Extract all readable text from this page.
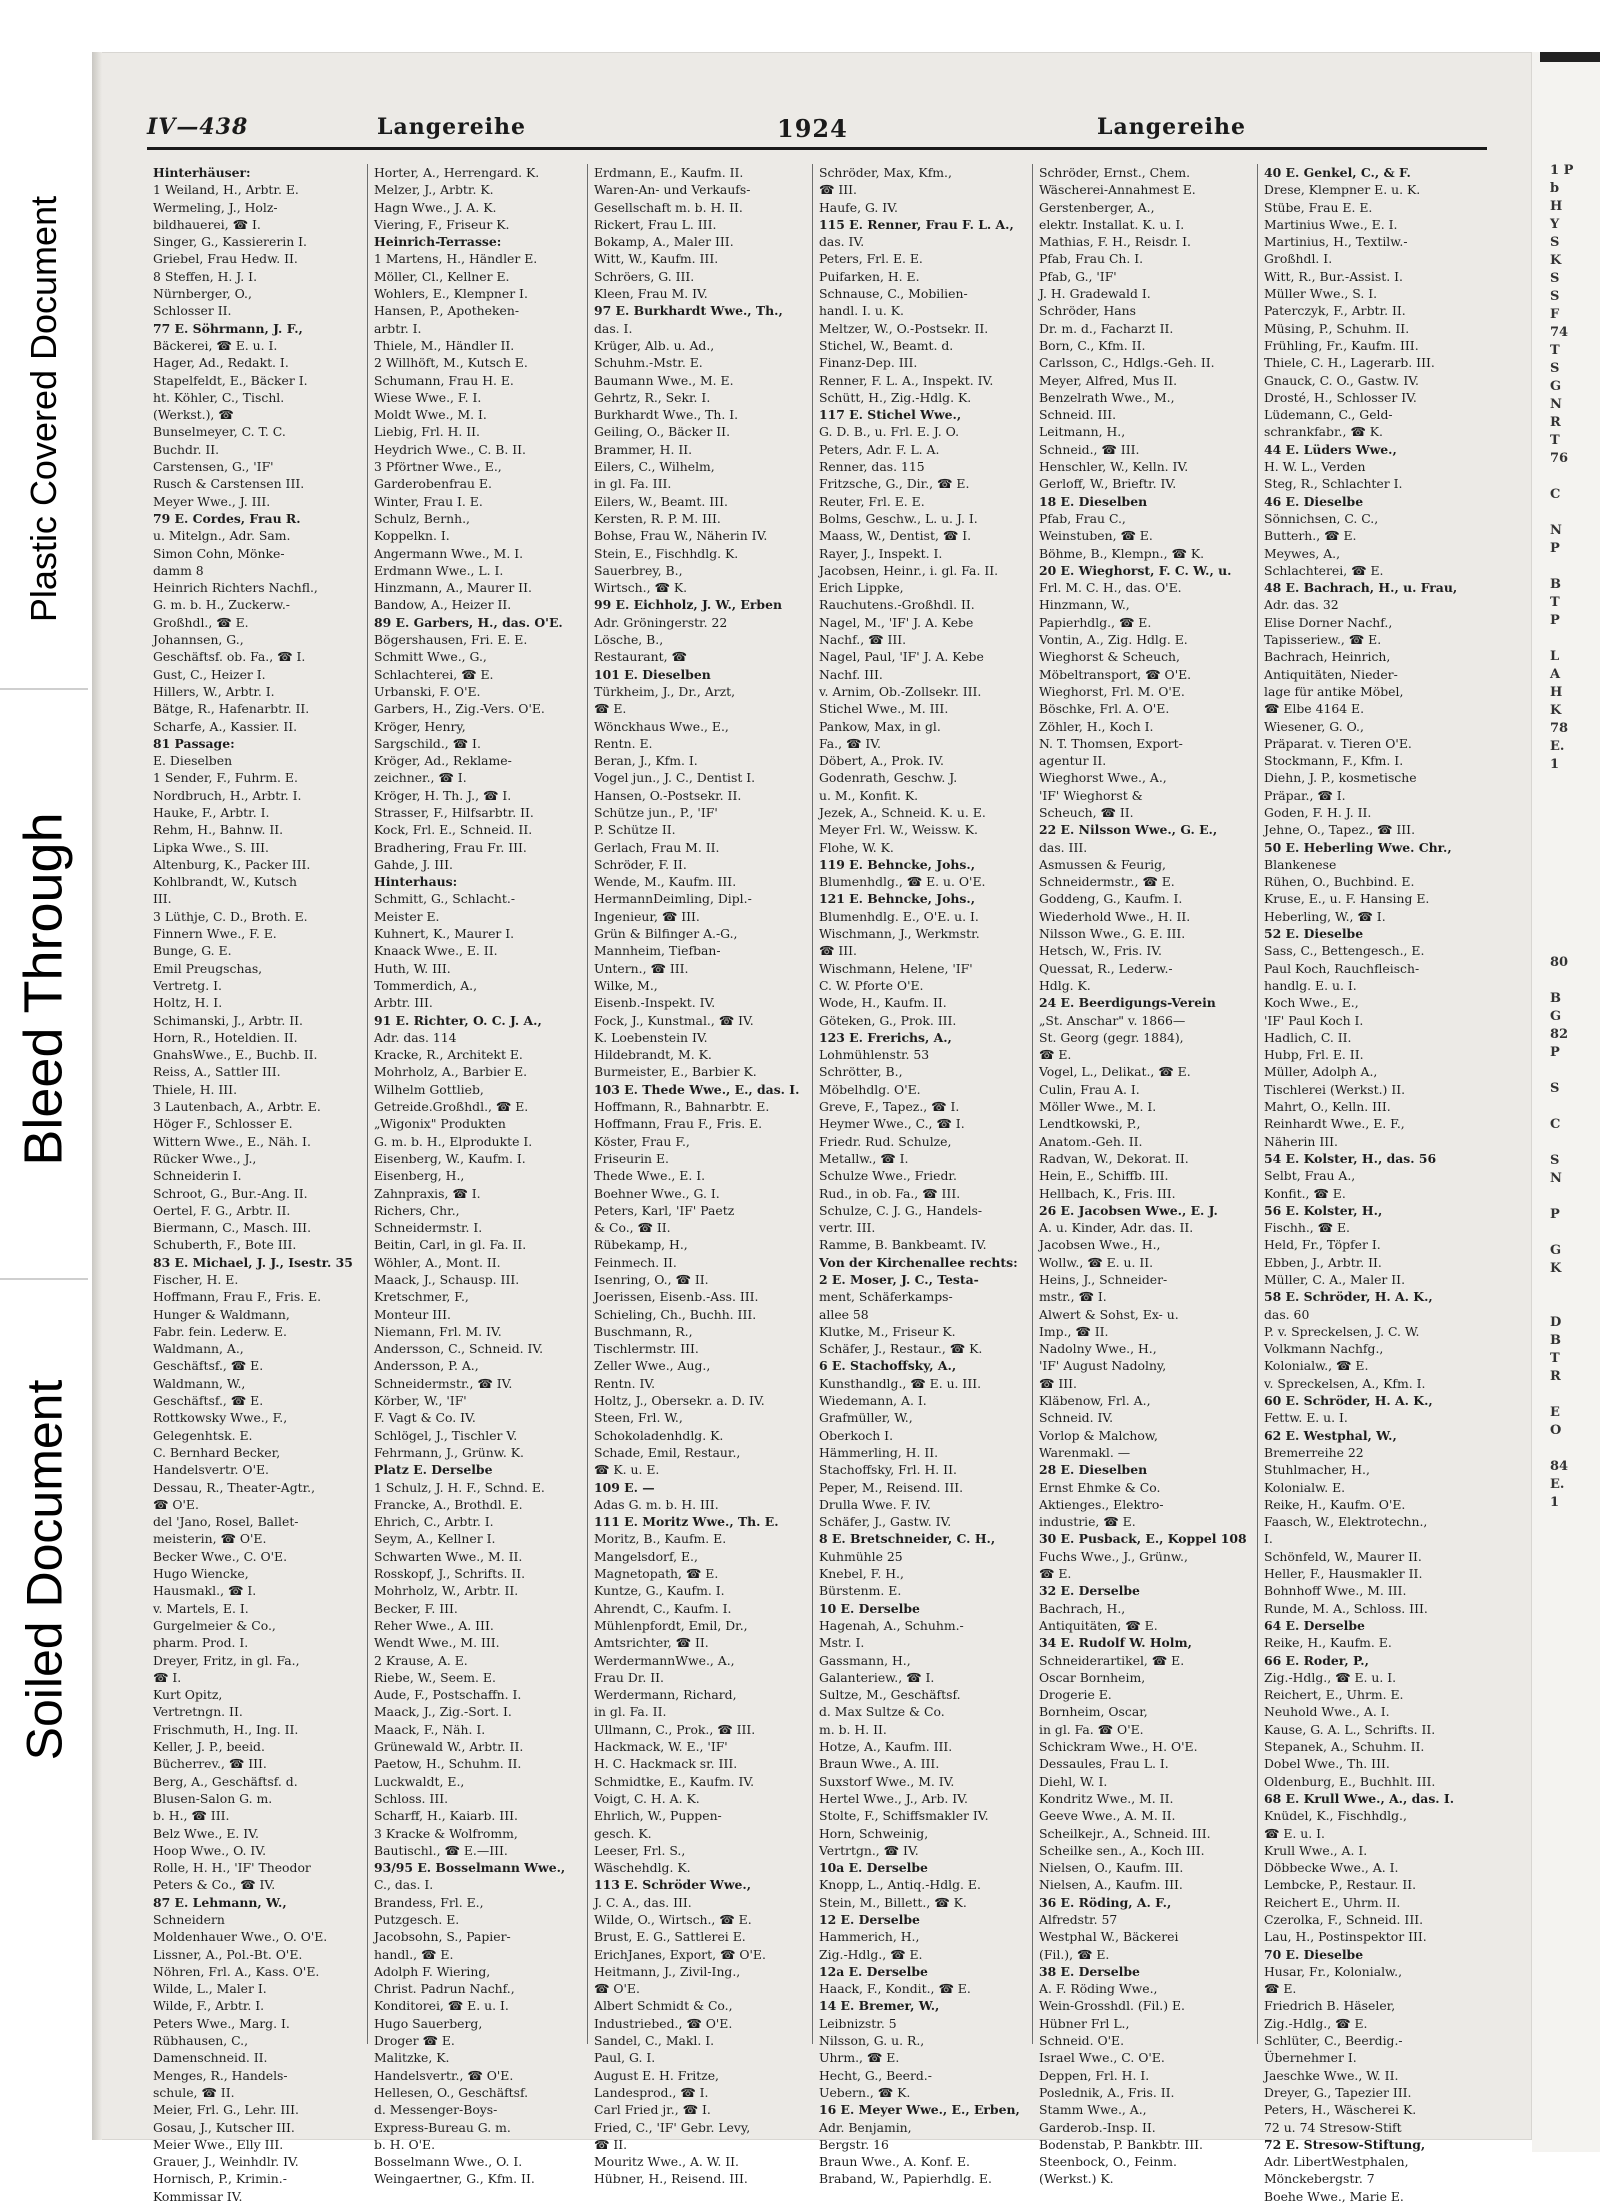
Plastic Covered Document
Bleed Through
Soiled Document
IV—438	Langereihe	1924	Langereihe
Hinterhäuser:
1 Weiland, H., Arbtr. E.
Wermeling, J., Holz-
bildhauerei, ☎ I.
Singer, G., Kassiererin I.
Griebel, Frau Hedw. II.
8 Steffen, H. J. I.
Nürnberger, O.,
Schlosser II.
77 E. Söhrmann, J. F.,
Bäckerei, ☎ E. u. I.
Hager, Ad., Redakt. I.
Stapelfeldt, E., Bäcker I.
ht. Köhler, C., Tischl.
(Werkst.), ☎
Bunselmeyer, C. T. C.
Buchdr. II.
Carstensen, G., 'IF'
Rusch & Carstensen III.
Meyer Wwe., J. III.
79 E. Cordes, Frau R.
u. Mitelgn., Adr. Sam.
Simon Cohn, Mönke-
damm 8
Heinrich Richters Nachfl.,
G. m. b. H., Zuckerw.-
Großhdl., ☎ E.
Johannsen, G.,
Geschäftsf. ob. Fa., ☎ I.
Gust, C., Heizer I.
Hillers, W., Arbtr. I.
Bätge, R., Hafenarbtr. II.
Scharfe, A., Kassier. II.
81 Passage:
E. Dieselben
1 Sender, F., Fuhrm. E.
Nordbruch, H., Arbtr. I.
Hauke, F., Arbtr. I.
Rehm, H., Bahnw. II.
Lipka Wwe., S. III.
Altenburg, K., Packer III.
Kohlbrandt, W., Kutsch
III.
3 Lüthje, C. D., Broth. E.
Finnern Wwe., F. E.
Bunge, G. E.
Emil Preugschas,
Vertretg. I.
Holtz, H. I.
Schimanski, J., Arbtr. II.
Horn, R., Hoteldien. II.
GnahsWwe., E., Buchb. II.
Reiss, A., Sattler III.
Thiele, H. III.
3 Lautenbach, A., Arbtr. E.
Höger F., Schlosser E.
Wittern Wwe., E., Näh. I.
Rücker Wwe., J.,
Schneiderin I.
Schroot, G., Bur.-Ang. II.
Oertel, F. G., Arbtr. II.
Biermann, C., Masch. III.
Schuberth, F., Bote III.
83 E. Michael, J. J., Isestr. 35
Fischer, H. E.
Hoffmann, Frau F., Fris. E.
Hunger & Waldmann,
Fabr. fein. Lederw. E.
Waldmann, A.,
Geschäftsf., ☎ E.
Waldmann, W.,
Geschäftsf., ☎ E.
Rottkowsky Wwe., F.,
Gelegenhtsk. E.
C. Bernhard Becker,
Handelsvertr. O'E.
Dessau, R., Theater-Agtr.,
☎ O'E.
del 'Jano, Rosel, Ballet-
meisterin, ☎ O'E.
Becker Wwe., C. O'E.
Hugo Wiencke,
Hausmakl., ☎ I.
v. Martels, E. I.
Gurgelmeier & Co.,
pharm. Prod. I.
Dreyer, Fritz, in gl. Fa.,
☎ I.
Kurt Opitz,
Vertretngn. II.
Frischmuth, H., Ing. II.
Keller, J. P., beeid.
Bücherrev., ☎ III.
Berg, A., Geschäftsf. d.
Blusen-Salon G. m.
b. H., ☎ III.
Belz Wwe., E. IV.
Hoop Wwe., O. IV.
Rolle, H. H., 'IF' Theodor
Peters & Co., ☎ IV.
87 E. Lehmann, W.,
Schneidern
Moldenhauer Wwe., O. O'E.
Lissner, A., Pol.-Bt. O'E.
Nöhren, Frl. A., Kass. O'E.
Wilde, L., Maler I.
Wilde, F., Arbtr. I.
Peters Wwe., Marg. I.
Rübhausen, C.,
Damenschneid. II.
Menges, R., Handels-
schule, ☎ II.
Meier, Frl. G., Lehr. III.
Gosau, J., Kutscher III.
Meier Wwe., Elly III.
Grauer, J., Weinhdlr. IV.
Hornisch, P., Krimin.-
Kommissar IV.
Horter, A., Herrengard. K.
Melzer, J., Arbtr. K.
Hagn Wwe., J. A. K.
Viering, F., Friseur K.
Heinrich-Terrasse:
1 Martens, H., Händler E.
Möller, Cl., Kellner E.
Wohlers, E., Klempner I.
Hansen, P., Apotheken-
arbtr. I.
Thiele, M., Händler II.
2 Willhöft, M., Kutsch E.
Schumann, Frau H. E.
Wiese Wwe., F. I.
Moldt Wwe., M. I.
Liebig, Frl. H. II.
Heydrich Wwe., C. B. II.
3 Pförtner Wwe., E.,
Garderobenfrau E.
Winter, Frau I. E.
Schulz, Bernh.,
Koppelkn. I.
Angermann Wwe., M. I.
Erdmann Wwe., L. I.
Hinzmann, A., Maurer II.
Bandow, A., Heizer II.
89 E. Garbers, H., das. O'E.
Bögershausen, Fri. E. E.
Schmitt Wwe., G.,
Schlachterei, ☎ E.
Urbanski, F. O'E.
Garbers, H., Zig.-Vers. O'E.
Kröger, Henry,
Sargschild., ☎ I.
Kröger, Ad., Reklame-
zeichner., ☎ I.
Kröger, H. Th. J., ☎ I.
Strasser, F., Hilfsarbtr. II.
Kock, Frl. E., Schneid. II.
Bradhering, Frau Fr. III.
Gahde, J. III.
Hinterhaus:
Schmitt, G., Schlacht.-
Meister E.
Kuhnert, K., Maurer I.
Knaack Wwe., E. II.
Huth, W. III.
Tommerdich, A.,
Arbtr. III.
91 E. Richter, O. C. J. A.,
Adr. das. 114
Kracke, R., Architekt E.
Mohrholz, A., Barbier E.
Wilhelm Gottlieb,
Getreide.Großhdl., ☎ E.
„Wigonix" Produkten
G. m. b. H., Elprodukte I.
Eisenberg, W., Kaufm. I.
Eisenberg, H.,
Zahnpraxis, ☎ I.
Richers, Chr.,
Schneidermstr. I.
Beitin, Carl, in gl. Fa. II.
Wöhler, A., Mont. II.
Maack, J., Schausp. III.
Kretschmer, F.,
Monteur III.
Niemann, Frl. M. IV.
Andersson, C., Schneid. IV.
Andersson, P. A.,
Schneidermstr., ☎ IV.
Körber, W., 'IF'
F. Vagt & Co. IV.
Schlögel, J., Tischler V.
Fehrmann, J., Grünw. K.
Platz E. Derselbe
1 Schulz, J. H. F., Schnd. E.
Francke, A., Brothdl. E.
Ehrich, C., Arbtr. I.
Seym, A., Kellner I.
Schwarten Wwe., M. II.
Rosskopf, J., Schrifts. II.
Mohrholz, W., Arbtr. II.
Becker, F. III.
Reher Wwe., A. III.
Wendt Wwe., M. III.
2 Krause, A. E.
Riebe, W., Seem. E.
Aude, F., Postschaffn. I.
Maack, J., Zig.-Sort. I.
Maack, F., Näh. I.
Grünewald W., Arbtr. II.
Paetow, H., Schuhm. II.
Luckwaldt, E.,
Schloss. III.
Scharff, H., Kaiarb. III.
3 Kracke & Wolfromm,
Bautischl., ☎ E.—III.
93/95 E. Bosselmann Wwe.,
C., das. I.
Brandess, Frl. E.,
Putzgesch. E.
Jacobsohn, S., Papier-
handl., ☎ E.
Adolph F. Wiering,
Christ. Padrun Nachf.,
Konditorei, ☎ E. u. I.
Hugo Sauerberg,
Droger ☎ E.
Malitzke, K.
Handelsvertr., ☎ O'E.
Hellesen, O., Geschäftsf.
d. Messenger-Boys-
Express-Bureau G. m.
b. H. O'E.
Bosselmann Wwe., O. I.
Weingaertner, G., Kfm. II.
Erdmann, E., Kaufm. II.
Waren-An- und Verkaufs-
Gesellschaft m. b. H. II.
Rickert, Frau L. III.
Bokamp, A., Maler III.
Witt, W., Kaufm. III.
Schröers, G. III.
Kleen, Frau M. IV.
97 E. Burkhardt Wwe., Th.,
das. I.
Krüger, Alb. u. Ad.,
Schuhm.-Mstr. E.
Baumann Wwe., M. E.
Gehrtz, R., Sekr. I.
Burkhardt Wwe., Th. I.
Geiling, O., Bäcker II.
Brammer, H. II.
Eilers, C., Wilhelm,
in gl. Fa. III.
Eilers, W., Beamt. III.
Kersten, R. P. M. III.
Bohse, Frau W., Näherin IV.
Stein, E., Fischhdlg. K.
Sauerbrey, B.,
Wirtsch., ☎ K.
99 E. Eichholz, J. W., Erben
Adr. Gröningerstr. 22
Lösche, B.,
Restaurant, ☎
101 E. Dieselben
Türkheim, J., Dr., Arzt,
☎ E.
Wönckhaus Wwe., E.,
Rentn. E.
Beran, J., Kfm. I.
Vogel jun., J. C., Dentist I.
Hansen, O.-Postsekr. II.
Schütze jun., P., 'IF'
P. Schütze II.
Gerlach, Frau M. II.
Schröder, F. II.
Wende, M., Kaufm. III.
HermannDeimling, Dipl.-
Ingenieur, ☎ III.
Grün & Bilfinger A.-G.,
Mannheim, Tiefban-
Untern., ☎ III.
Wilke, M.,
Eisenb.-Inspekt. IV.
Fock, J., Kunstmal., ☎ IV.
K. Loebenstein IV.
Hildebrandt, M. K.
Burmeister, E., Barbier K.
103 E. Thede Wwe., E., das. I.
Hoffmann, R., Bahnarbtr. E.
Hoffmann, Frau F., Fris. E.
Köster, Frau F.,
Friseurin E.
Thede Wwe., E. I.
Boehner Wwe., G. I.
Peters, Karl, 'IF' Paetz
& Co., ☎ II.
Rübekamp, H.,
Feinmech. II.
Isenring, O., ☎ II.
Joerissen, Eisenb.-Ass. III.
Schieling, Ch., Buchh. III.
Buschmann, R.,
Tischlermstr. III.
Zeller Wwe., Aug.,
Rentn. IV.
Holtz, J., Obersekr. a. D. IV.
Steen, Frl. W.,
Schokoladenhdlg. K.
Schade, Emil, Restaur.,
☎ K. u. E.
109 E. —
Adas G. m. b. H. III.
111 E. Moritz Wwe., Th. E.
Moritz, B., Kaufm. E.
Mangelsdorf, E.,
Magnetopath, ☎ E.
Kuntze, G., Kaufm. I.
Ahrendt, C., Kaufm. I.
Mühlenpfordt, Emil, Dr.,
Amtsrichter, ☎ II.
WerdermannWwe., A.,
Frau Dr. II.
Werdermann, Richard,
in gl. Fa. II.
Ullmann, C., Prok., ☎ III.
Hackmack, W. E., 'IF'
H. C. Hackmack sr. III.
Schmidtke, E., Kaufm. IV.
Voigt, C. H. A. K.
Ehrlich, W., Puppen-
gesch. K.
Leeser, Frl. S.,
Wäschehdlg. K.
113 E. Schröder Wwe.,
J. C. A., das. III.
Wilde, O., Wirtsch., ☎ E.
Brust, E. G., Sattlerei E.
ErichJanes, Export, ☎ O'E.
Heitmann, J., Zivil-Ing.,
☎ O'E.
Albert Schmidt & Co.,
Industriebed., ☎ O'E.
Sandel, C., Makl. I.
Paul, G. I.
August E. H. Fritze,
Landesprod., ☎ I.
Carl Fried jr., ☎ I.
Fried, C., 'IF' Gebr. Levy,
☎ II.
Mouritz Wwe., A. W. II.
Hübner, H., Reisend. III.
Schröder, Max, Kfm.,
☎ III.
Haufe, G. IV.
115 E. Renner, Frau F. L. A.,
das. IV.
Peters, Frl. E. E.
Puifarken, H. E.
Schnause, C., Mobilien-
handl. I. u. K.
Meltzer, W., O.-Postsekr. II.
Stichel, W., Beamt. d.
Finanz-Dep. III.
Renner, F. L. A., Inspekt. IV.
Schütt, H., Zig.-Hdlg. K.
117 E. Stichel Wwe.,
G. D. B., u. Frl. E. J. O.
Peters, Adr. F. L. A.
Renner, das. 115
Fritzsche, G., Dir., ☎ E.
Reuter, Frl. E. E.
Bolms, Geschw., L. u. J. I.
Maass, W., Dentist, ☎ I.
Rayer, J., Inspekt. I.
Jacobsen, Heinr., i. gl. Fa. II.
Erich Lippke,
Rauchutens.-Großhdl. II.
Nagel, M., 'IF' J. A. Kebe
Nachf., ☎ III.
Nagel, Paul, 'IF' J. A. Kebe
Nachf. III.
v. Arnim, Ob.-Zollsekr. III.
Stichel Wwe., M. III.
Pankow, Max, in gl.
Fa., ☎ IV.
Döbert, A., Prok. IV.
Godenrath, Geschw. J.
u. M., Konfit. K.
Jezek, A., Schneid. K. u. E.
Meyer Frl. W., Weissw. K.
Flohe, W. K.
119 E. Behncke, Johs.,
Blumenhdlg., ☎ E. u. O'E.
121 E. Behncke, Johs.,
Blumenhdlg. E., O'E. u. I.
Wischmann, J., Werkmstr.
☎ III.
Wischmann, Helene, 'IF'
C. W. Pforte O'E.
Wode, H., Kaufm. II.
Göteken, G., Prok. III.
123 E. Frerichs, A.,
Lohmühlenstr. 53
Schrötter, B.,
Möbelhdlg. O'E.
Greve, F., Tapez., ☎ I.
Heymer Wwe., C., ☎ I.
Friedr. Rud. Schulze,
Metallw., ☎ I.
Schulze Wwe., Friedr.
Rud., in ob. Fa., ☎ III.
Schulze, C. J. G., Handels-
vertr. III.
Ramme, B. Bankbeamt. IV.
Von der Kirchenallee rechts:
2 E. Moser, J. C., Testa-
ment, Schäferkamps-
allee 58
Klutke, M., Friseur K.
Schäfer, J., Restaur., ☎ K.
6 E. Stachoffsky, A.,
Kunsthandlg., ☎ E. u. III.
Wiedemann, A. I.
Grafmüller, W.,
Oberkoch I.
Hämmerling, H. II.
Stachoffsky, Frl. H. II.
Peper, M., Reisend. III.
Drulla Wwe. F. IV.
Schäfer, J., Gastw. IV.
8 E. Bretschneider, C. H.,
Kuhmühle 25
Knebel, F. H.,
Bürstenm. E.
10 E. Derselbe
Hagenah, A., Schuhm.-
Mstr. I.
Gassmann, H.,
Galanteriew., ☎ I.
Sultze, M., Geschäftsf.
d. Max Sultze & Co.
m. b. H. II.
Hotze, A., Kaufm. III.
Braun Wwe., A. III.
Suxstorf Wwe., M. IV.
Hertel Wwe., J., Arb. IV.
Stolte, F., Schiffsmakler IV.
Horn, Schweinig,
Vertrtgn., ☎ IV.
10a E. Derselbe
Knopp, L., Antiq.-Hdlg. E.
Stein, M., Billett., ☎ K.
12 E. Derselbe
Hammerich, H.,
Zig.-Hdlg., ☎ E.
12a E. Derselbe
Haack, F., Kondit., ☎ E.
14 E. Bremer, W.,
Leibnizstr. 5
Nilsson, G. u. R.,
Uhrm., ☎ E.
Hecht, G., Beerd.-
Uebern., ☎ K.
16 E. Meyer Wwe., E., Erben,
Adr. Benjamin,
Bergstr. 16
Braun Wwe., A. Konf. E.
Braband, W., Papierhdlg. E.
Schröder, Ernst., Chem.
Wäscherei-Annahmest E.
Gerstenberger, A.,
elektr. Installat. K. u. I.
Mathias, F. H., Reisdr. I.
Pfab, Frau Ch. I.
Pfab, G., 'IF'
J. H. Gradewald I.
Schröder, Hans
Dr. m. d., Facharzt II.
Born, C., Kfm. II.
Carlsson, C., Hdlgs.-Geh. II.
Meyer, Alfred, Mus II.
Benzelrath Wwe., M.,
Schneid. III.
Leitmann, H.,
Schneid., ☎ III.
Henschler, W., Kelln. IV.
Gerloff, W., Brieftr. IV.
18 E. Dieselben
Pfab, Frau C.,
Weinstuben, ☎ E.
Böhme, B., Klempn., ☎ K.
20 E. Wieghorst, F. C. W., u.
Frl. M. C. H., das. O'E.
Hinzmann, W.,
Papierhdlg., ☎ E.
Vontin, A., Zig. Hdlg. E.
Wieghorst & Scheuch,
Möbeltransport, ☎ O'E.
Wieghorst, Frl. M. O'E.
Böschke, Frl. A. O'E.
Zöhler, H., Koch I.
N. T. Thomsen, Export-
agentur II.
Wieghorst Wwe., A.,
'IF' Wieghorst &
Scheuch, ☎ II.
22 E. Nilsson Wwe., G. E.,
das. III.
Asmussen & Feurig,
Schneidermstr., ☎ E.
Goddeng, G., Kaufm. I.
Wiederhold Wwe., H. II.
Nilsson Wwe., G. E. III.
Hetsch, W., Fris. IV.
Quessat, R., Lederw.-
Hdlg. K.
24 E. Beerdigungs-Verein
„St. Anschar" v. 1866—
St. Georg (gegr. 1884),
☎ E.
Vogel, L., Delikat., ☎ E.
Culin, Frau A. I.
Möller Wwe., M. I.
Lendtkowski, P.,
Anatom.-Geh. II.
Radvan, W., Dekorat. II.
Hein, E., Schiffb. III.
Hellbach, K., Fris. III.
26 E. Jacobsen Wwe., E. J.
A. u. Kinder, Adr. das. II.
Jacobsen Wwe., H.,
Wollw., ☎ E. u. II.
Heins, J., Schneider-
mstr., ☎ I.
Alwert & Sohst, Ex- u.
Imp., ☎ II.
Nadolny Wwe., H.,
'IF' August Nadolny,
☎ III.
Kläbenow, Frl. A.,
Schneid. IV.
Vorlop & Malchow,
Warenmakl. —
28 E. Dieselben
Ernst Ehmke & Co.
Aktienges., Elektro-
industrie, ☎ E.
30 E. Pusback, E., Koppel 108
Fuchs Wwe., J., Grünw.,
☎ E.
32 E. Derselbe
Bachrach, H.,
Antiquitäten, ☎ E.
34 E. Rudolf W. Holm,
Schneiderartikel, ☎ E.
Oscar Bornheim,
Drogerie E.
Bornheim, Oscar,
in gl. Fa. ☎ O'E.
Schickram Wwe., H. O'E.
Dessaules, Frau L. I.
Diehl, W. I.
Kondritz Wwe., M. II.
Geeve Wwe., A. M. II.
Scheilkejr., A., Schneid. III.
Scheilke sen., A., Koch III.
Nielsen, O., Kaufm. III.
Nielsen, A., Kaufm. III.
36 E. Röding, A. F.,
Alfredstr. 57
Westphal W., Bäckerei
(Fil.), ☎ E.
38 E. Derselbe
A. F. Röding Wwe.,
Wein-Grosshdl. (Fil.) E.
Hübner Frl L.,
Schneid. O'E.
Israel Wwe., C. O'E.
Deppen, Frl. H. I.
Poslednik, A., Fris. II.
Stamm Wwe., A.,
Garderob.-Insp. II.
Bodenstab, P. Bankbtr. III.
Steenbock, O., Feinm.
(Werkst.) K.
40 E. Genkel, C., & F.
Drese, Klempner E. u. K.
Stübe, Frau E. E.
Martinius Wwe., E. I.
Martinius, H., Textilw.-
Großhdl. I.
Witt, R., Bur.-Assist. I.
Müller Wwe., S. I.
Paterczyk, F., Arbtr. II.
Müsing, P., Schuhm. II.
Frühling, Fr., Kaufm. III.
Thiele, C. H., Lagerarb. III.
Gnauck, C. O., Gastw. IV.
Drosté, H., Schlosser IV.
Lüdemann, C., Geld-
schrankfabr., ☎ K.
44 E. Lüders Wwe.,
H. W. L., Verden
Steg, R., Schlachter I.
46 E. Dieselbe
Sönnichsen, C. C.,
Butterh., ☎ E.
Meywes, A.,
Schlachterei, ☎ E.
48 E. Bachrach, H., u. Frau,
Adr. das. 32
Elise Dorner Nachf.,
Tapisseriew., ☎ E.
Bachrach, Heinrich,
Antiquitäten, Nieder-
lage für antike Möbel,
☎ Elbe 4164 E.
Wiesener, G. O.,
Präparat. v. Tieren O'E.
Stockmann, F., Kfm. I.
Diehn, J. P., kosmetische
Präpar., ☎ I.
Goden, F. H. J. II.
Jehne, O., Tapez., ☎ III.
50 E. Heberling Wwe. Chr.,
Blankenese
Rühen, O., Buchbind. E.
Kruse, E., u. F. Hansing E.
Heberling, W., ☎ I.
52 E. Dieselbe
Sass, C., Bettengesch., E.
Paul Koch, Rauchfleisch-
handlg. E. u. I.
Koch Wwe., E.,
'IF' Paul Koch I.
Hadlich, C. II.
Hubp, Frl. E. II.
Müller, Adolph A.,
Tischlerei (Werkst.) II.
Mahrt, O., Kelln. III.
Reinhardt Wwe., E. F.,
Näherin III.
54 E. Kolster, H., das. 56
Selbt, Frau A.,
Konfit., ☎ E.
56 E. Kolster, H.,
Fischh., ☎ E.
Held, Fr., Töpfer I.
Ebben, J., Arbtr. II.
Müller, C. A., Maler II.
58 E. Schröder, H. A. K.,
das. 60
P. v. Spreckelsen, J. C. W.
Volkmann Nachfg.,
Kolonialw., ☎ E.
v. Spreckelsen, A., Kfm. I.
60 E. Schröder, H. A. K.,
Fettw. E. u. I.
62 E. Westphal, W.,
Bremerreihe 22
Stuhlmacher, H.,
Kolonialw. E.
Reike, H., Kaufm. O'E.
Faasch, W., Elektrotechn.,
I.
Schönfeld, W., Maurer II.
Heller, F., Hausmakler II.
Bohnhoff Wwe., M. III.
Runde, M. A., Schloss. III.
64 E. Derselbe
Reike, H., Kaufm. E.
66 E. Roder, P.,
Zig.-Hdlg., ☎ E. u. I.
Reichert, E., Uhrm. E.
Neuhold Wwe., A. I.
Kause, G. A. L., Schrifts. II.
Stepanek, A., Schuhm. II.
Dobel Wwe., Th. III.
Oldenburg, E., Buchhlt. III.
68 E. Krull Wwe., A., das. I.
Knüdel, K., Fischhdlg.,
☎ E. u. I.
Krull Wwe., A. I.
Döbbecke Wwe., A. I.
Lembcke, P., Restaur. II.
Reichert E., Uhrm. II.
Czerolka, F., Schneid. III.
Lau, H., Postinspektor III.
70 E. Dieselbe
Husar, Fr., Kolonialw.,
☎ E.
Friedrich B. Häseler,
Zig.-Hdlg., ☎ E.
Schlüter, C., Beerdig.-
Übernehmer I.
Jaeschke Wwe., W. II.
Dreyer, G., Tapezier III.
Peters, H., Wäscherei K.
72 u. 74 Stresow-Stift
72 E. Stresow-Stiftung,
Adr. LibertWestphalen,
Mönckebergstr. 7
Boehe Wwe., Marie E.
1 P
b
H
Y
S
K
S
S
F
74
T
S
G
N
R
T
76
C
N
P
B
T
P
L
A
H
K
78
E.
1
80
B
G
82
P
S
C
S
N
P
G
K
D
B
T
R
E
O
84
E.
1
